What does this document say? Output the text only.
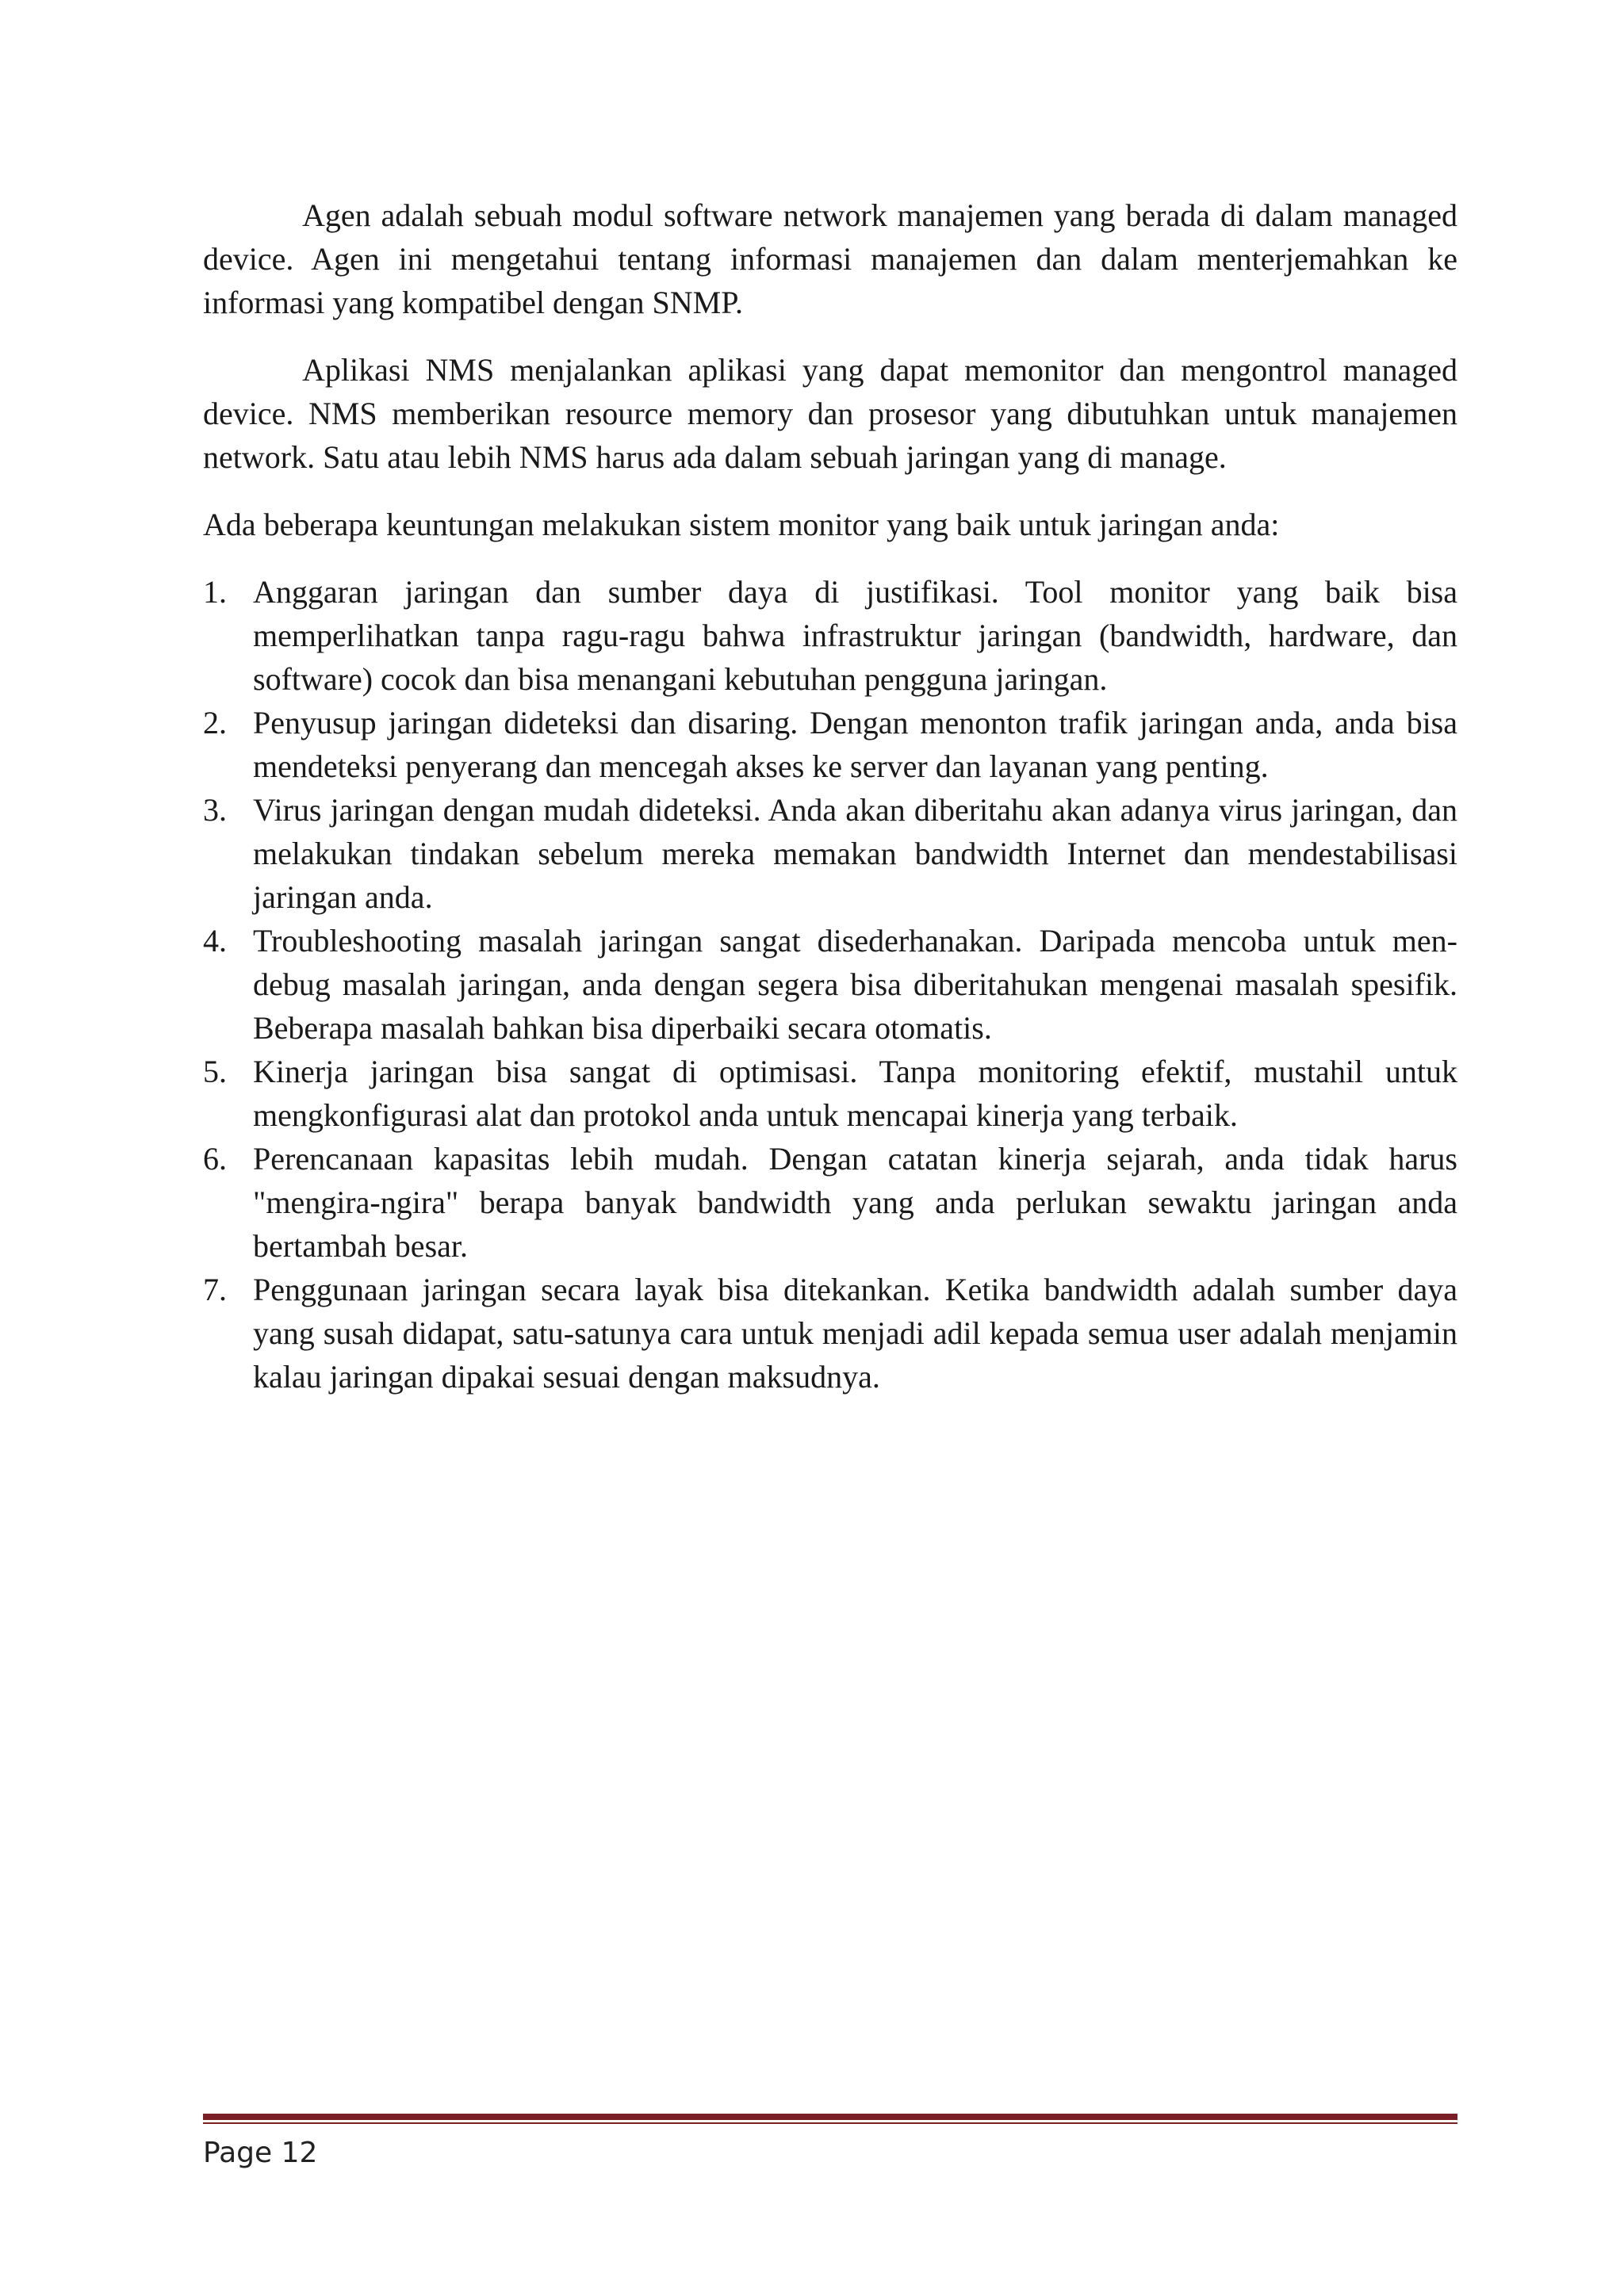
Agen adalah sebuah modul software network manajemen yang berada di dalam managed device. Agen ini mengetahui tentang informasi manajemen dan dalam menterjemahkan ke informasi yang kompatibel dengan SNMP.

Aplikasi NMS menjalankan aplikasi yang dapat memonitor dan mengontrol managed device. NMS memberikan resource memory dan prosesor yang dibutuhkan untuk manajemen network. Satu atau lebih NMS harus ada dalam sebuah jaringan yang di manage.

Ada beberapa keuntungan melakukan sistem monitor yang baik untuk jaringan anda:

1. Anggaran jaringan dan sumber daya di justifikasi. Tool monitor yang baik bisa memperlihatkan tanpa ragu-ragu bahwa infrastruktur jaringan (bandwidth, hardware, dan software) cocok dan bisa menangani kebutuhan pengguna jaringan.
2. Penyusup jaringan dideteksi dan disaring. Dengan menonton trafik jaringan anda, anda bisa mendeteksi penyerang dan mencegah akses ke server dan layanan yang penting.
3. Virus jaringan dengan mudah dideteksi. Anda akan diberitahu akan adanya virus jaringan, dan melakukan tindakan sebelum mereka memakan bandwidth Internet dan mendestabilisasi jaringan anda.
4. Troubleshooting masalah jaringan sangat disederhanakan. Daripada mencoba untuk men-debug masalah jaringan, anda dengan segera bisa diberitahukan mengenai masalah spesifik. Beberapa masalah bahkan bisa diperbaiki secara otomatis.
5. Kinerja jaringan bisa sangat di optimisasi. Tanpa monitoring efektif, mustahil untuk mengkonfigurasi alat dan protokol anda untuk mencapai kinerja yang terbaik.
6. Perencanaan kapasitas lebih mudah. Dengan catatan kinerja sejarah, anda tidak harus "mengira-ngira" berapa banyak bandwidth yang anda perlukan sewaktu jaringan anda bertambah besar.
7. Penggunaan jaringan secara layak bisa ditekankan. Ketika bandwidth adalah sumber daya yang susah didapat, satu-satunya cara untuk menjadi adil kepada semua user adalah menjamin kalau jaringan dipakai sesuai dengan maksudnya.
Page 12
